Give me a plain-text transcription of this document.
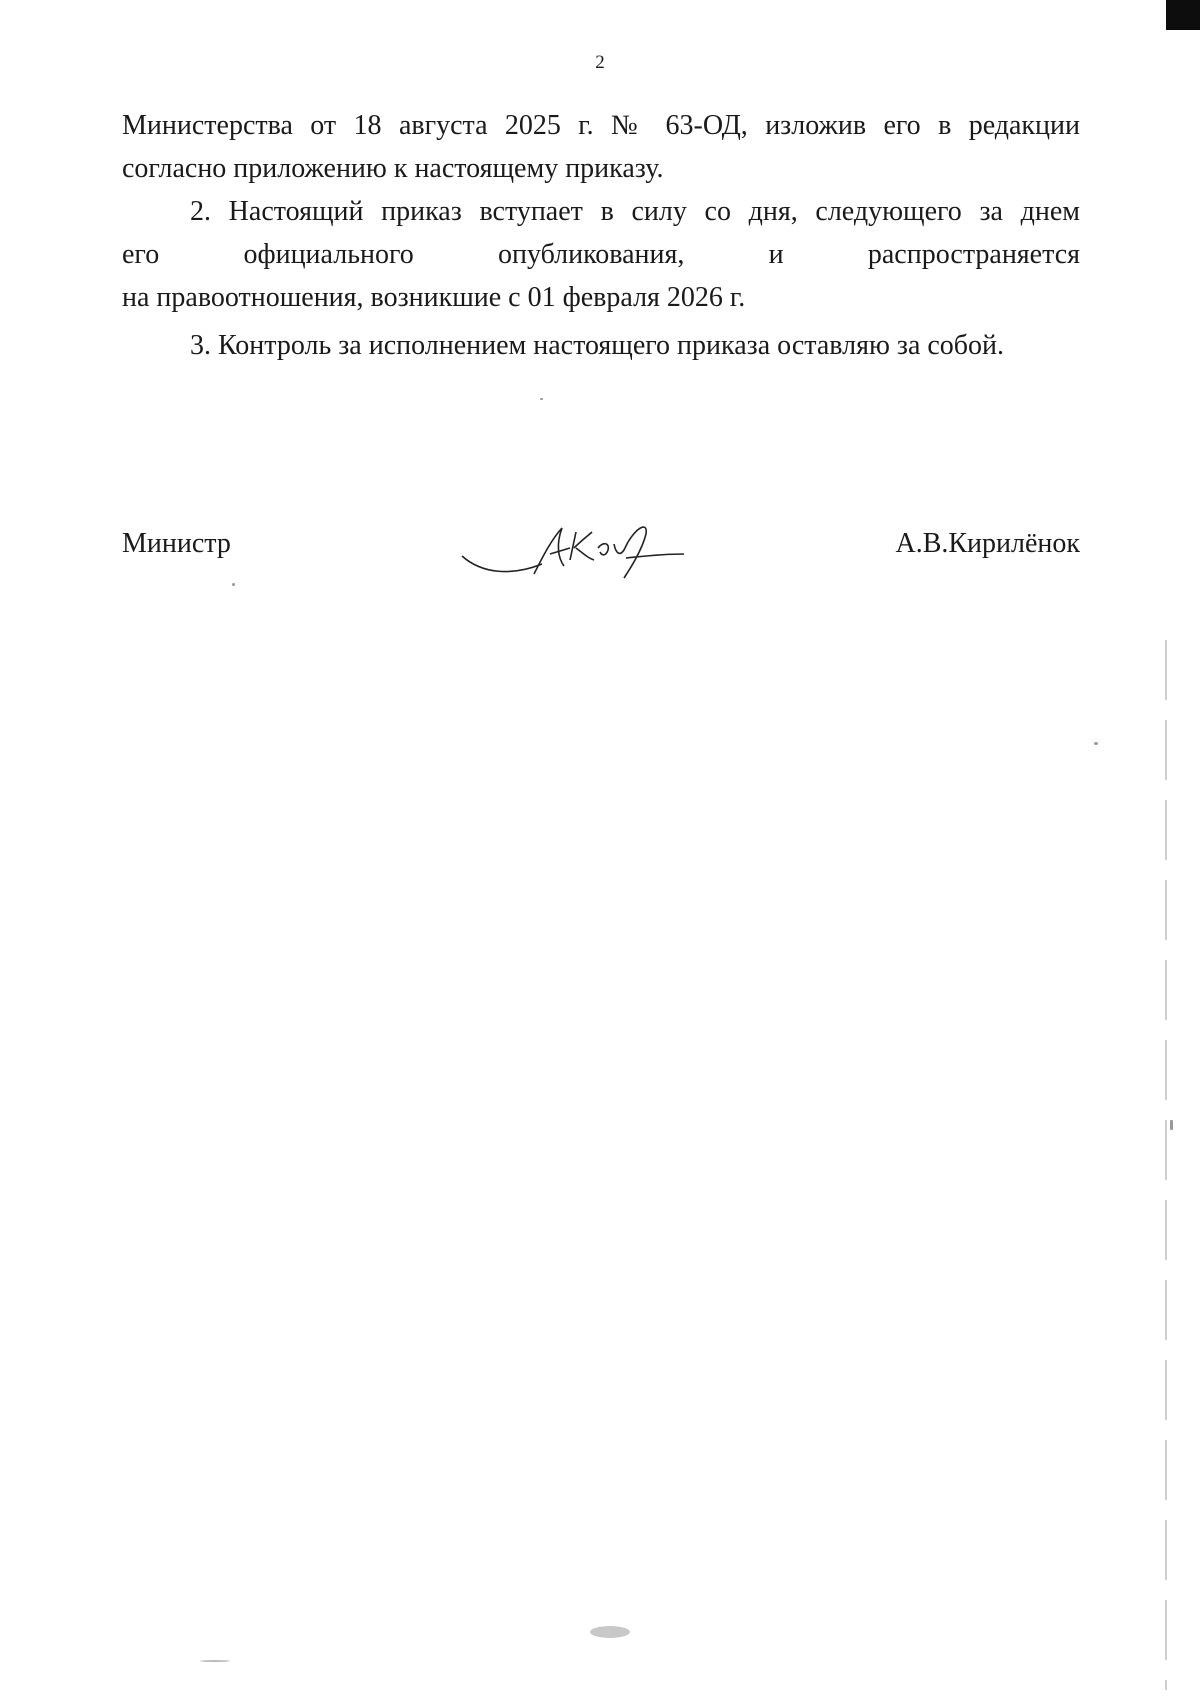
2
Министерства от 18 августа 2025 г. № 63-ОД, изложив его в редакции
согласно приложению к настоящему приказу.
2. Настоящий приказ вступает в силу со дня, следующего за днем
его официального опубликования, и распространяется
на правоотношения, возникшие с 01 февраля 2026 г.
3. Контроль за исполнением настоящего приказа оставляю за собой.
Министр	А.В.Кирилёнок
